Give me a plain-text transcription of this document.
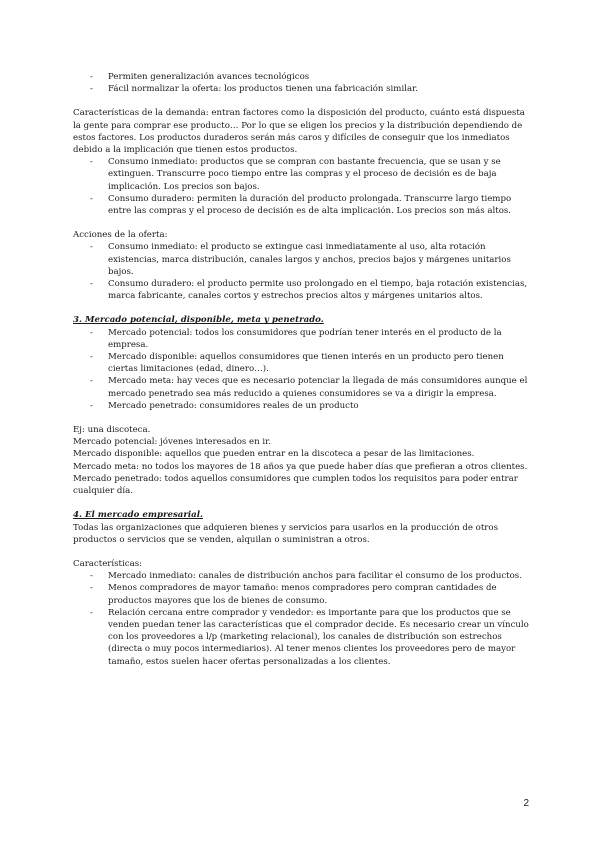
- Permiten generalización avances tecnológicos
- Fácil normalizar la oferta: los productos tienen una fabricación similar.

Características de la demanda: entran factores como la disposición del producto, cuánto está dispuesta la gente para comprar ese producto… Por lo que se eligen los precios y la distribución dependiendo de estos factores. Los productos duraderos serán más caros y difíciles de conseguir que los inmediatos debido a la implicación que tienen estos productos.

- Consumo inmediato: productos que se compran con bastante frecuencia, que se usan y se extinguen. Transcurre poco tiempo entre las compras y el proceso de decisión es de baja implicación. Los precios son bajos.
- Consumo duradero: permiten la duración del producto prolongada. Transcurre largo tiempo entre las compras y el proceso de decisión es de alta implicación. Los precios son más altos.

Acciones de la oferta:

- Consumo inmediato: el producto se extingue casi inmediatamente al uso, alta rotación existencias, marca distribución, canales largos y anchos, precios bajos y márgenes unitarios bajos.
- Consumo duradero: el producto permite uso prolongado en el tiempo, baja rotación existencias, marca fabricante, canales cortos y estrechos precios altos y márgenes unitarios altos.

3. Mercado potencial, disponible, meta y penetrado.

- Mercado potencial: todos los consumidores que podrían tener interés en el producto de la empresa.
- Mercado disponible: aquellos consumidores que tienen interés en un producto pero tienen ciertas limitaciones (edad, dinero…).
- Mercado meta: hay veces que es necesario potenciar la llegada de más consumidores aunque el mercado penetrado sea más reducido a quienes consumidores se va a dirigir la empresa.
- Mercado penetrado: consumidores reales de un producto

Ej: una discoteca.

Mercado potencial: jóvenes interesados en ir.

Mercado disponible: aquellos que pueden entrar en la discoteca a pesar de las limitaciones.

Mercado meta: no todos los mayores de 18 años ya que puede haber días que prefieran a otros clientes.

Mercado penetrado: todos aquellos consumidores que cumplen todos los requisitos para poder entrar cualquier día.

4. El mercado empresarial.

Todas las organizaciones que adquieren bienes y servicios para usarlos en la producción de otros productos o servicios que se venden, alquilan o suministran a otros.

Características:

- Mercado inmediato: canales de distribución anchos para facilitar el consumo de los productos.
- Menos compradores de mayor tamaño: menos compradores pero compran cantidades de productos mayores que los de bienes de consumo.
- Relación cercana entre comprador y vendedor: es importante para que los productos que se venden puedan tener las características que el comprador decide. Es necesario crear un vínculo con los proveedores a l/p (marketing relacional), los canales de distribución son estrechos (directa o muy pocos intermediarios). Al tener menos clientes los proveedores pero de mayor tamaño, estos suelen hacer ofertas personalizadas a los clientes.
2
